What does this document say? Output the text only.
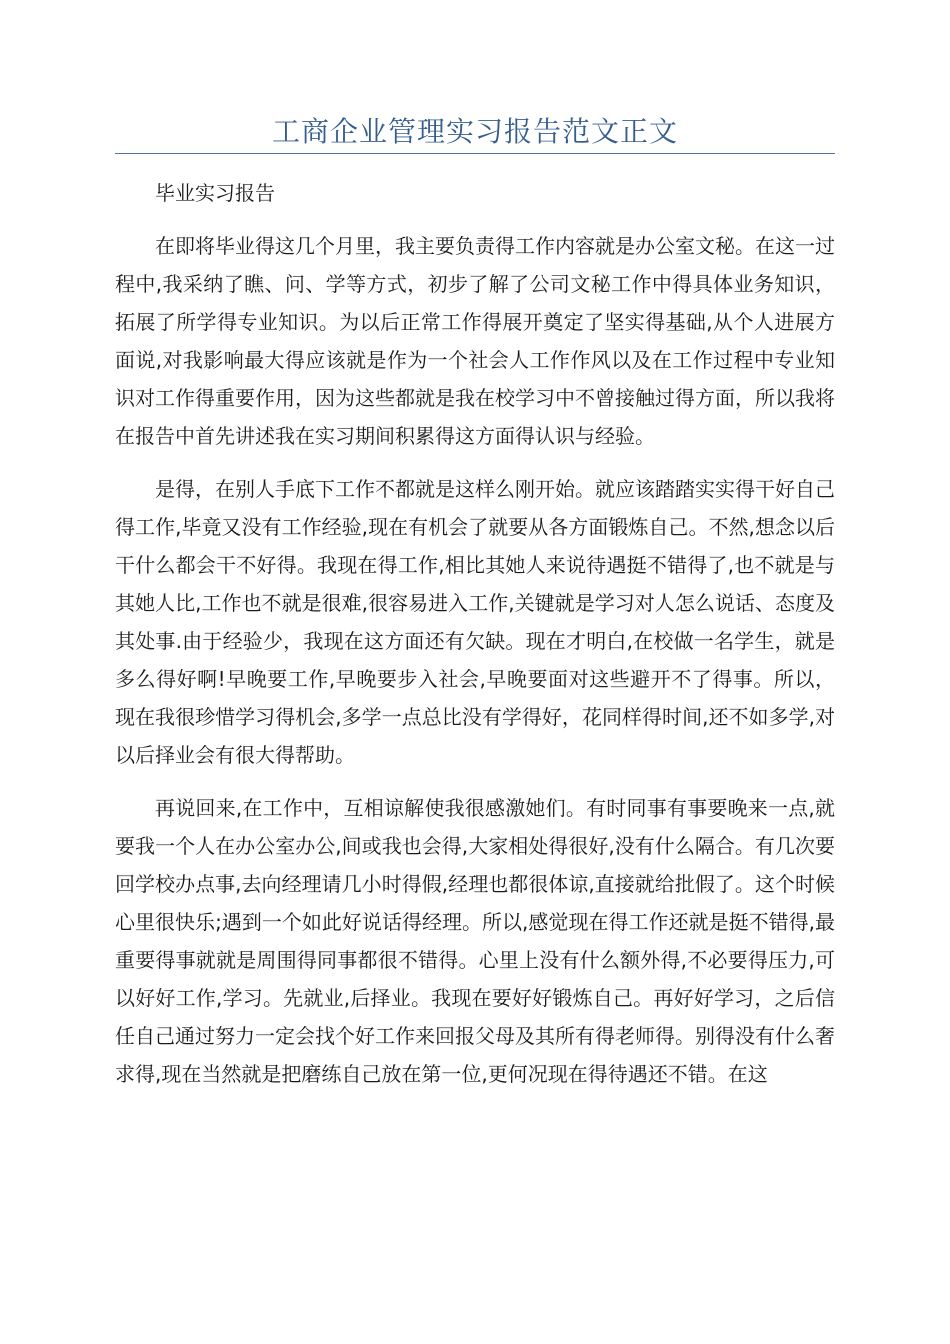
工商企业管理实习报告范文正文

毕业实习报告

在即将毕业得这几个月里，我主要负责得工作内容就是办公室文秘。在这一过程中,我采纳了瞧、问、学等方式，初步了解了公司文秘工作中得具体业务知识，拓展了所学得专业知识。为以后正常工作得展开奠定了坚实得基础,从个人进展方面说,对我影响最大得应该就是作为一个社会人工作作风以及在工作过程中专业知识对工作得重要作用，因为这些都就是我在校学习中不曾接触过得方面，所以我将在报告中首先讲述我在实习期间积累得这方面得认识与经验。

是得，在别人手底下工作不都就是这样么刚开始。就应该踏踏实实得干好自己得工作,毕竟又没有工作经验,现在有机会了就要从各方面锻炼自己。不然,想念以后干什么都会干不好得。我现在得工作,相比其她人来说待遇挺不错得了,也不就是与其她人比,工作也不就是很难,很容易进入工作,关键就是学习对人怎么说话、态度及其处事.由于经验少，我现在这方面还有欠缺。现在才明白,在校做一名学生，就是多么得好啊!早晚要工作,早晚要步入社会,早晚要面对这些避开不了得事。所以，现在我很珍惜学习得机会,多学一点总比没有学得好，花同样得时间,还不如多学,对以后择业会有很大得帮助。

再说回来,在工作中，互相谅解使我很感激她们。有时同事有事要晚来一点,就要我一个人在办公室办公,间或我也会得,大家相处得很好,没有什么隔合。有几次要回学校办点事,去向经理请几小时得假,经理也都很体谅,直接就给批假了。这个时候心里很快乐;遇到一个如此好说话得经理。所以,感觉现在得工作还就是挺不错得,最重要得事就就是周围得同事都很不错得。心里上没有什么额外得,不必要得压力,可以好好工作,学习。先就业,后择业。我现在要好好锻炼自己。再好好学习，之后信任自己通过努力一定会找个好工作来回报父母及其所有得老师得。别得没有什么奢求得,现在当然就是把磨练自己放在第一位,更何况现在得待遇还不错。在这
